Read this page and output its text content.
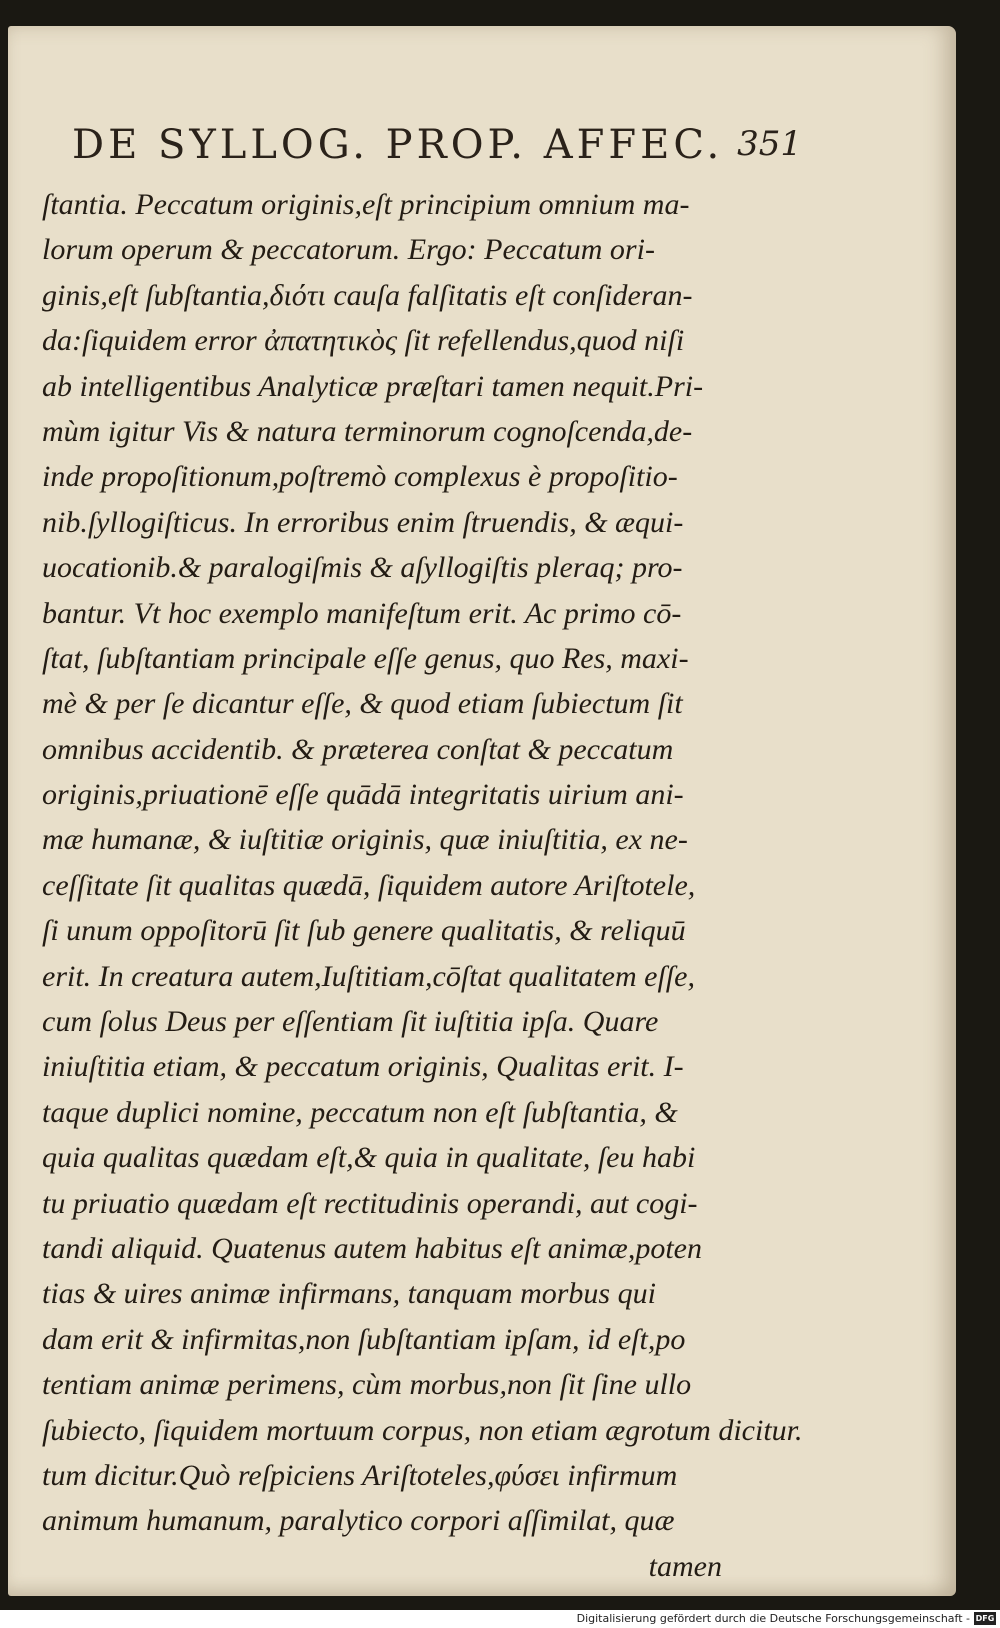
DE SYLLOG. PROP. AFFEC. 351
ſtantia. Peccatum originis,eſt principium omnium ma-
lorum operum & peccatorum. Ergo: Peccatum ori-
ginis,eſt ſubſtantia,διότι cauſa falſitatis eſt conſideran-
da:ſiquidem error ἀπατητικὸς ſit refellendus,quod niſi
ab intelligentibus Analyticæ præſtari tamen nequit.Pri-
mùm igitur Vis & natura terminorum cognoſcenda,de-
inde propoſitionum,poſtremò complexus è propoſitio-
nib.ſyllogiſticus. In erroribus enim ſtruendis, & æqui-
uocationib.& paralogiſmis & aſyllogiſtis pleraq; pro-
bantur. Vt hoc exemplo manifeſtum erit. Ac primo cō-
ſtat, ſubſtantiam principale eſſe genus, quo Res, maxi-
mè & per ſe dicantur eſſe, & quod etiam ſubiectum ſit
omnibus accidentib. & præterea conſtat & peccatum
originis,priuationē eſſe quādā integritatis uirium ani-
mæ humanæ, & iuſtitiæ originis, quæ iniuſtitia, ex ne-
ceſſitate ſit qualitas quædā, ſiquidem autore Ariſtotele,
ſi unum oppoſitorū ſit ſub genere qualitatis, & reliquū
erit. In creatura autem,Iuſtitiam,cōſtat qualitatem eſſe,
cum ſolus Deus per eſſentiam ſit iuſtitia ipſa. Quare
iniuſtitia etiam, & peccatum originis, Qualitas erit. I-
taque duplici nomine, peccatum non eſt ſubſtantia, &
quia qualitas quædam eſt,& quia in qualitate, ſeu habi
tu priuatio quædam eſt rectitudinis operandi, aut cogi-
tandi aliquid. Quatenus autem habitus eſt animæ,poten
tias & uires animæ infirmans, tanquam morbus qui
dam erit & infirmitas,non ſubſtantiam ipſam, id eſt,po
tentiam animæ perimens, cùm morbus,non ſit ſine ullo
ſubiecto, ſiquidem mortuum corpus, non etiam ægrotum dicitur.
tum dicitur.Quò reſpiciens Ariſtoteles,φύσει infirmum
animum humanum, paralytico corpori aſſimilat, quæ
tamen
Digitalisierung gefördert durch die Deutsche Forschungsgemeinschaft - DFG
